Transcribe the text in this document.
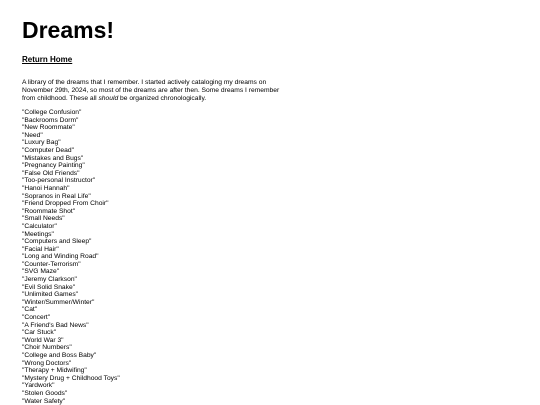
Dreams!
Return Home

A library of the dreams that I remember. I started actively cataloging my dreams on November 29th, 2024, so most of the dreams are after then. Some dreams I remember from childhood. These all should be organized chronologically.

"College Confusion"
"Backrooms Dorm"
"New Roommate"
"Need"
"Luxury Bag"
"Computer Dead"
"Mistakes and Bugs"
"Pregnancy Painting"
"False Old Friends"
"Too-personal Instructor"
"Hanoi Hannah"
"Sopranos in Real Life"
"Friend Dropped From Choir"
"Roommate Shot"
"Small Needs"
"Calculator"
"Meetings"
"Computers and Sleep"
"Facial Hair"
"Long and Winding Road"
"Counter-Terrorism"
"SVG Maze"
"Jeremy Clarkson"
"Evil Solid Snake"
"Unlimited Games"
"Winter/Summer/Winter"
"Cat"
"Concert"
"A Friend's Bad News"
"Car Stuck"
"World War 3"
"Choir Numbers"
"College and Boss Baby"
"Wrong Doctors"
"Therapy + Midwifing"
"Mystery Drug + Childhood Toys"
"Yardwork"
"Stolen Goods"
"Water Safety"
